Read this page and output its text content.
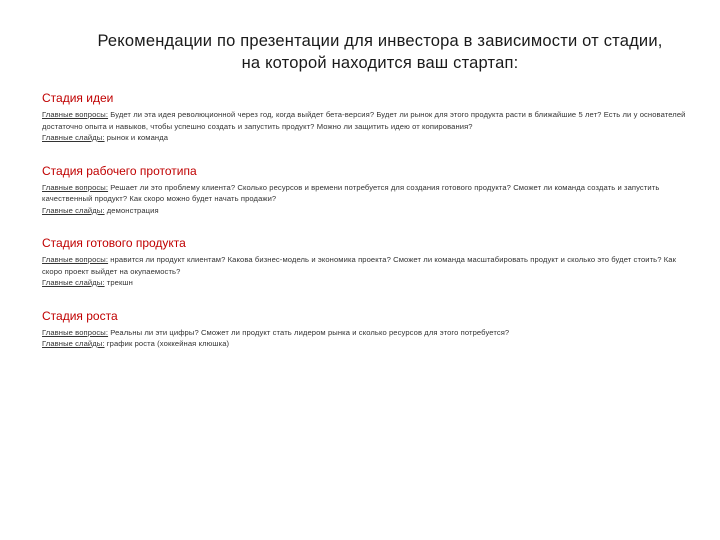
Рекомендации по презентации для инвестора в зависимости от стадии,
на которой находится ваш стартап:
Стадия идеи
Главные вопросы: Будет ли эта идея революционной через год, когда выйдет бета-версия? Будет ли рынок для этого продукта расти в ближайшие 5 лет? Есть ли у основателей достаточно опыта и навыков, чтобы успешно создать и запустить продукт? Можно ли защитить идею от копирования?
Главные слайды: рынок и команда
Стадия рабочего прототипа
Главные вопросы: Решает ли это проблему клиента? Сколько ресурсов и времени потребуется для создания готового продукта? Сможет ли команда создать и запустить качественный продукт? Как скоро можно будет начать продажи?
Главные слайды: демонстрация
Стадия готового продукта
Главные вопросы: нравится ли продукт клиентам? Какова бизнес-модель и экономика проекта? Сможет ли команда масштабировать продукт и сколько это будет стоить? Как скоро проект выйдет на окупаемость?
Главные слайды: трекшн
Стадия роста
Главные вопросы: Реальны ли эти цифры? Сможет ли продукт стать лидером рынка и сколько ресурсов для этого потребуется?
Главные слайды: график роста (хоккейная клюшка)
